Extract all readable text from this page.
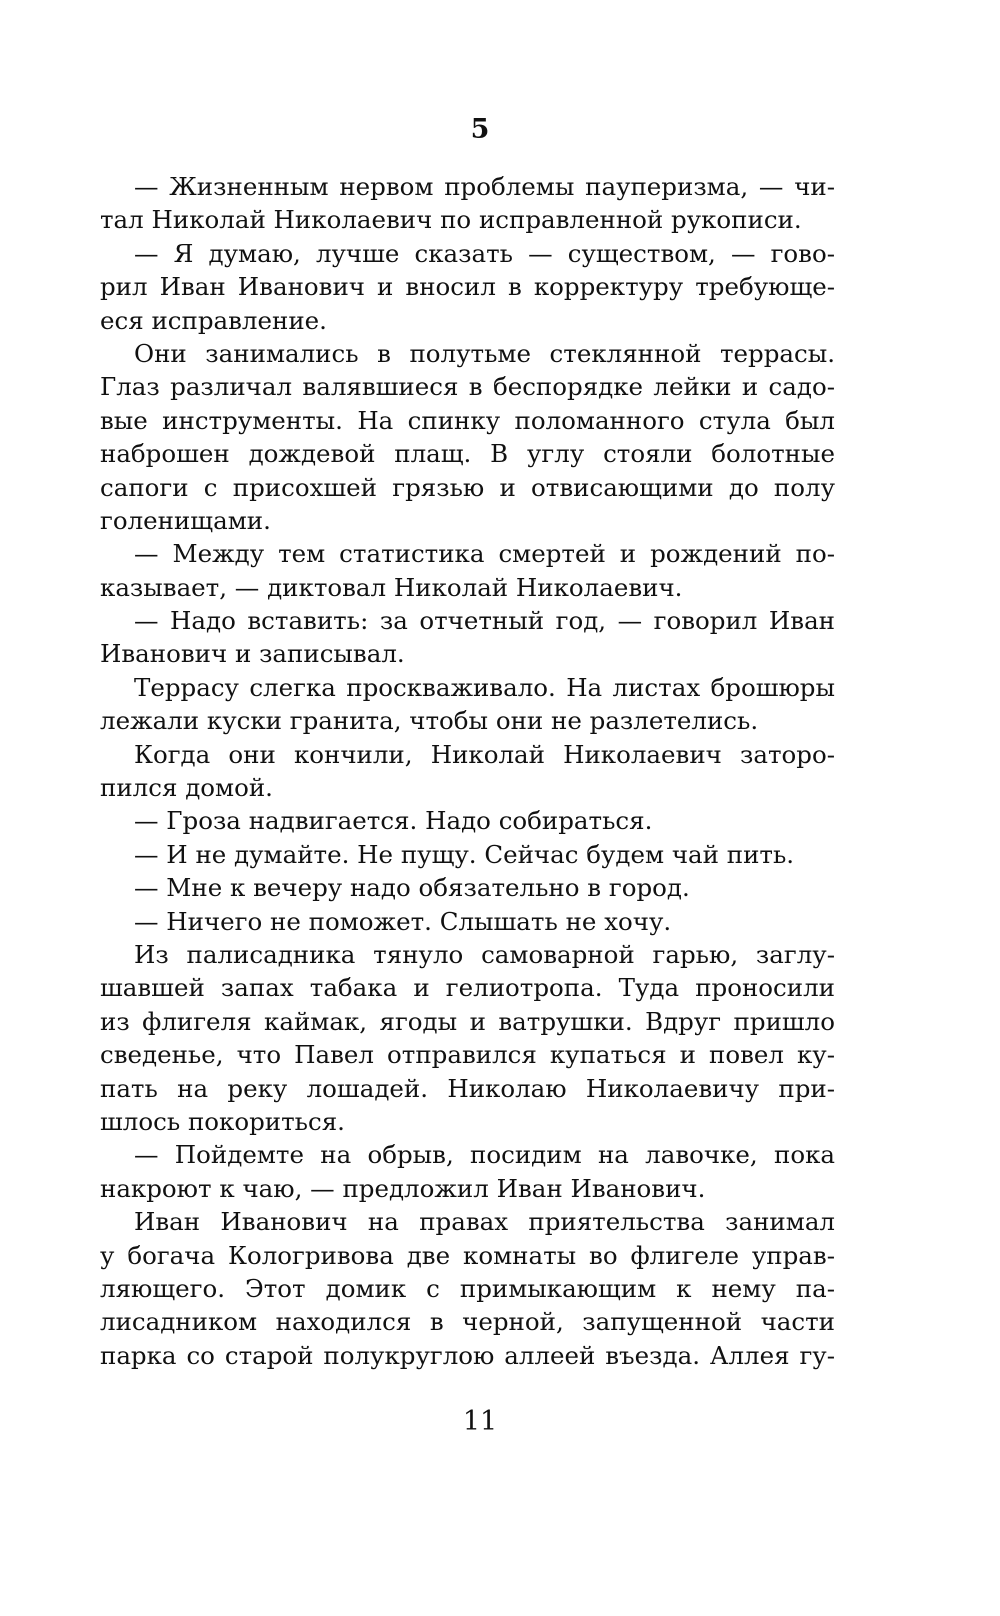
5
— Жизненным нервом проблемы пауперизма, — чи-
тал Николай Николаевич по исправленной рукописи.
— Я думаю, лучше сказать — существом, — гово-
рил Иван Иванович и вносил в корректуру требующе-
еся исправление.
Они занимались в полутьме стеклянной террасы.
Глаз различал валявшиеся в беспорядке лейки и садо-
вые инструменты. На спинку поломанного стула был
наброшен дождевой плащ. В углу стояли болотные
сапоги с присохшей грязью и отвисающими до полу
голенищами.
— Между тем статистика смертей и рождений по-
казывает, — диктовал Николай Николаевич.
— Надо вставить: за отчетный год, — говорил Иван
Иванович и записывал.
Террасу слегка просквaживало. На листах брошюры
лежали куски гранита, чтобы они не разлетелись.
Когда они кончили, Николай Николаевич заторо-
пился домой.
— Гроза надвигается. Надо собираться.
— И не думайте. Не пущу. Сейчас будем чай пить.
— Мне к вечеру надо обязательно в город.
— Ничего не поможет. Слышать не хочу.
Из палисадника тянуло самоварной гарью, заглу-
шавшей запах табака и гелиотропа. Туда проносили
из флигеля каймак, ягоды и ватрушки. Вдруг пришло
сведенье, что Павел отправился купаться и повел ку-
пать на реку лошадей. Николаю Николаевичу при-
шлось покориться.
— Пойдемте на обрыв, посидим на лавочке, пока
накроют к чаю, — предложил Иван Иванович.
Иван Иванович на правах приятельства занимал
у богача Кологривова две комнаты во флигеле управ-
ляющего. Этот домик с примыкающим к нему па-
лисадником находился в черной, запущенной части
парка со старой полукруглою аллеей въезда. Аллея гу-
11
